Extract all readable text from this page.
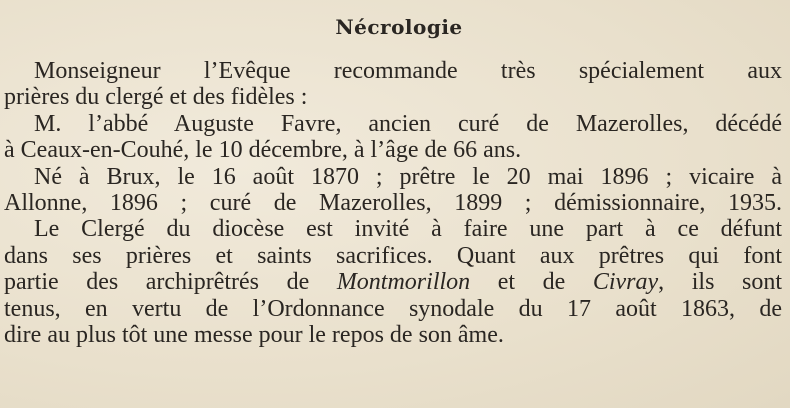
Nécrologie

Monseigneur l’Evêque recommande très spécialement aux
prières du clergé et des fidèles :

M. l’abbé Auguste Favre, ancien curé de Mazerolles, décédé
à Ceaux-en-Couhé, le 10 décembre, à l’âge de 66 ans.

Né à Brux, le 16 août 1870 ; prêtre le 20 mai 1896 ; vicaire à
Allonne, 1896 ; curé de Mazerolles, 1899 ; démissionnaire, 1935.

Le Clergé du diocèse est invité à faire une part à ce défunt
dans ses prières et saints sacrifices. Quant aux prêtres qui font
partie des archiprêtrés de Montmorillon et de Civray, ils sont
tenus, en vertu de l’Ordonnance synodale du 17 août 1863, de
dire au plus tôt une messe pour le repos de son âme.
